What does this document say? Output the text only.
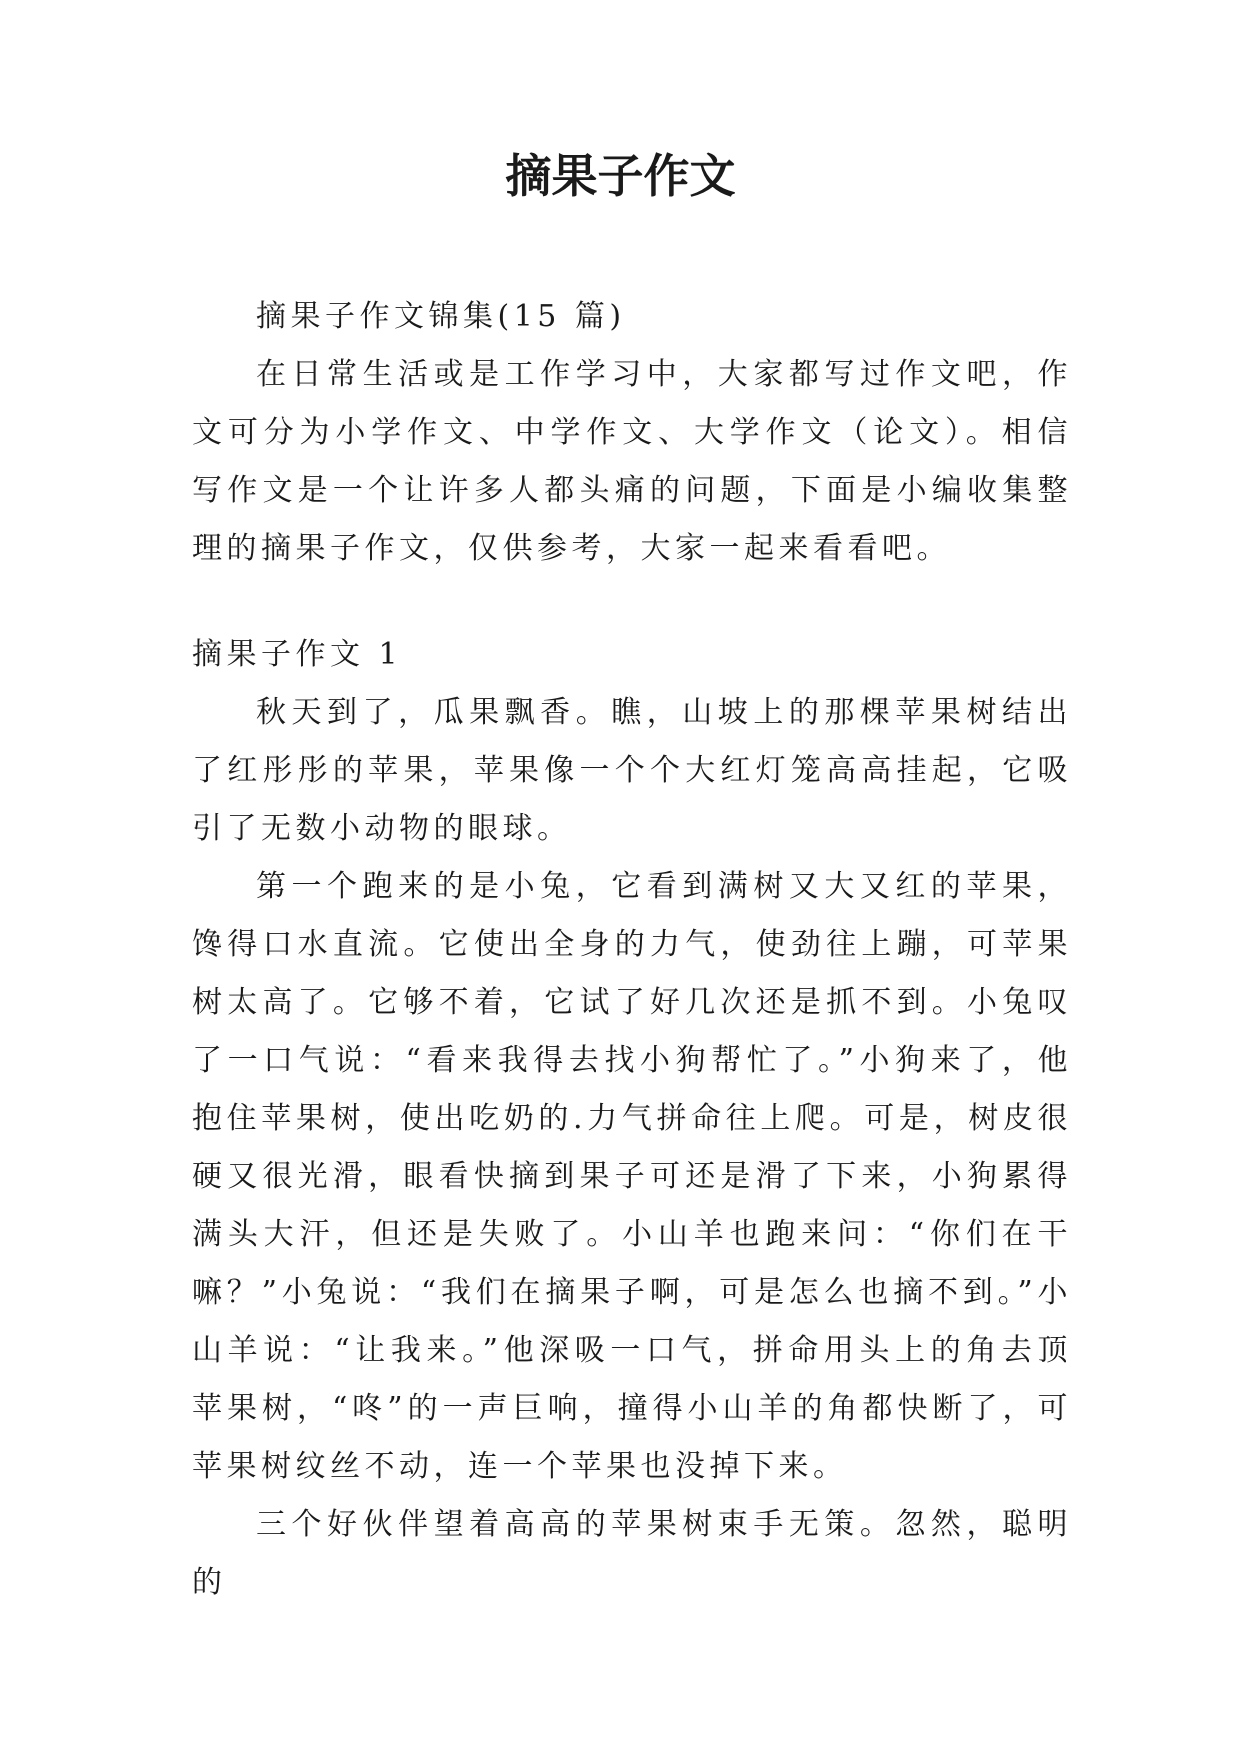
摘果子作文

摘果子作文锦集(15 篇)

在日常生活或是工作学习中，大家都写过作文吧，作文可分为小学作文、中学作文、大学作文（论文）。相信写作文是一个让许多人都头痛的问题，下面是小编收集整理的摘果子作文，仅供参考，大家一起来看看吧。

摘果子作文 1

秋天到了，瓜果飘香。瞧，山坡上的那棵苹果树结出了红彤彤的苹果，苹果像一个个大红灯笼高高挂起，它吸引了无数小动物的眼球。

第一个跑来的是小兔，它看到满树又大又红的苹果，馋得口水直流。它使出全身的力气，使劲往上蹦，可苹果树太高了。它够不着，它试了好几次还是抓不到。小兔叹了一口气说：“看来我得去找小狗帮忙了。”小狗来了，他抱住苹果树，使出吃奶的.力气拼命往上爬。可是，树皮很硬又很光滑，眼看快摘到果子可还是滑了下来，小狗累得满头大汗，但还是失败了。小山羊也跑来问：“你们在干嘛？”小兔说：“我们在摘果子啊，可是怎么也摘不到。”小山羊说：“让我来。”他深吸一口气，拼命用头上的角去顶苹果树，“咚”的一声巨响，撞得小山羊的角都快断了，可苹果树纹丝不动，连一个苹果也没掉下来。

三个好伙伴望着高高的苹果树束手无策。忽然，聪明的
